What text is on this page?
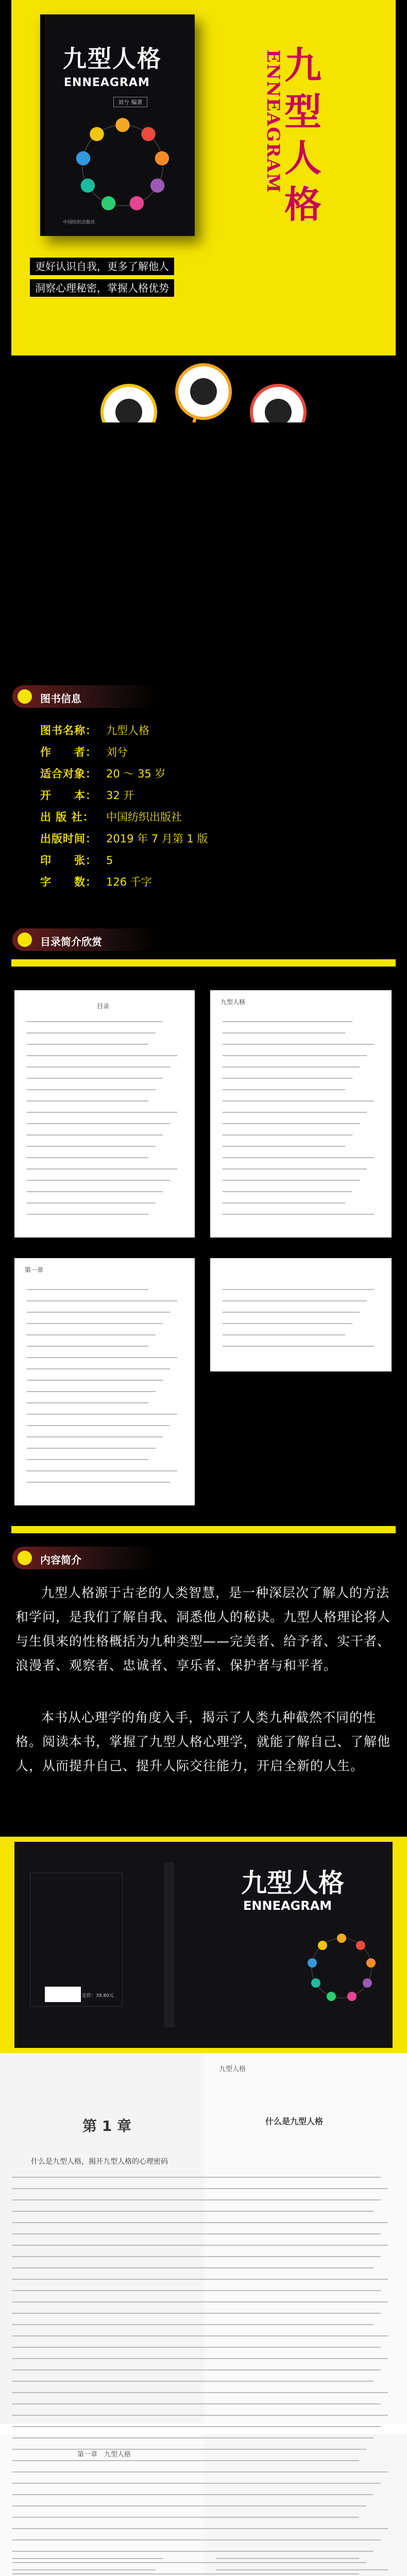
九型人格
ENNEAGRAM
刘兮 编著
中国纺织出版社
九型人格
ENNEAGRAM
更好认识自我，更多了解他人
洞察心理秘密，掌握人格优势
图书信息
图书名称： 九型人格
作　　者： 刘兮
适合对象： 20 ～ 35 岁
开　　本： 32 开
出 版 社： 中国纺织出版社
出版时间： 2019 年 7 月第 1 版
印　　张： 5
字　　数： 126 千字
目录简介欣赏
目录
九型人格
第一章
内容简介
九型人格源于古老的人类智慧，是一种深层次了解人的方法和学问，是我们了解自我、洞悉他人的秘诀。九型人格理论将人与生俱来的性格概括为九种类型——完美者、给予者、实干者、浪漫者、观察者、忠诚者、享乐者、保护者与和平者。
本书从心理学的角度入手，揭示了人类九种截然不同的性格。阅读本书，掌握了九型人格心理学，就能了解自己、了解他人，从而提升自己、提升人际交往能力，开启全新的人生。
定价：39.80元
九型人格
ENNEAGRAM
第 1 章
什么是九型人格，揭开九型人格的心理密码
九型人格
什么是九型人格
第一章　九型人格
